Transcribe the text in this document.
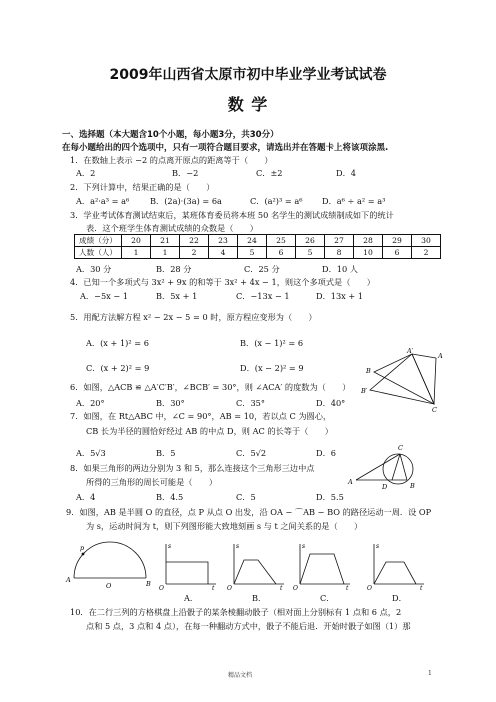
2009年山西省太原市初中毕业学业考试试卷
数 学
一、选择题（本大题含10个小题，每小题3分，共30分）
在每小题给出的四个选项中，只有一项符合题目要求，请选出并在答题卡上将该项涂黑.
1．在数轴上表示 −2 的点离开原点的距离等于（　　）
A．2	B．−2	C．±2	D．4
2．下列计算中，结果正确的是（　　）
A．a²·a³ = a⁶	B．(2a)·(3a) = 6a	C．(a²)³ = a⁶ D．a⁶ ÷ a² = a³
3．学业考试体育测试结束后，某班体育委员将本班 50 名学生的测试成绩制成如下的统计
表．这个班学生体育测试成绩的众数是（　　）
成绩（分）	20	21	22	23	24	25	26	27	28	29	30
人数（人）	1	1	2	4	5	6	5	8	10	6	2
A．30 分	B．28 分	C．25 分	D．10 人
4．已知一个多项式与 3x² + 9x 的和等于 3x² + 4x − 1，则这个多项式是（　　）
A．−5x − 1	B．5x + 1	C．−13x − 1	D．13x + 1
5．用配方法解方程 x² − 2x − 5 = 0 时，原方程应变形为（　　）
A．(x + 1)² = 6	B．(x − 1)² = 6
C．(x + 2)² = 9	D．(x − 2)² = 9
6．如图，△ACB ≌ △A′C′B′，∠BCB′ = 30°，则 ∠ACA′ 的度数为（　　）
A．20°	B．30°	C．35°	D．40°
A′
A
B
B′
C
7．如图，在 Rt△ABC 中，∠C = 90°，AB = 10，若以点 C 为圆心，
CB 长为半径的圆恰好经过 AB 的中点 D，则 AC 的长等于（　　）
A．5√3	B．5	C．5√2	D．6	C
A
D	B
8．如果三角形的两边分别为 3 和 5，那么连接这个三角形三边中点
所得的三角形的周长可能是（　　）
A．4	B．4.5	C．5	D．5.5
9．如图，AB 是半圆 O 的直径，点 P 从点 O 出发，沿 OA − ⌒AB − BO 的路径运动一周．设 OP
为 s，运动时间为 t，则下列图形能大致地刻画 s 与 t 之间关系的是（　　）
p
A
O	B
s
O	t
s
O	t
s
O	t
s
O	t
A．	B．	C．	D．
10．在二行三列的方格棋盘上沿骰子的某条棱翻动骰子（相对面上分别标有 1 点和 6 点，2
点和 5 点，3 点和 4 点），在每一种翻动方式中，骰子不能后退．开始时骰子如图（1）那
精品文档	1
